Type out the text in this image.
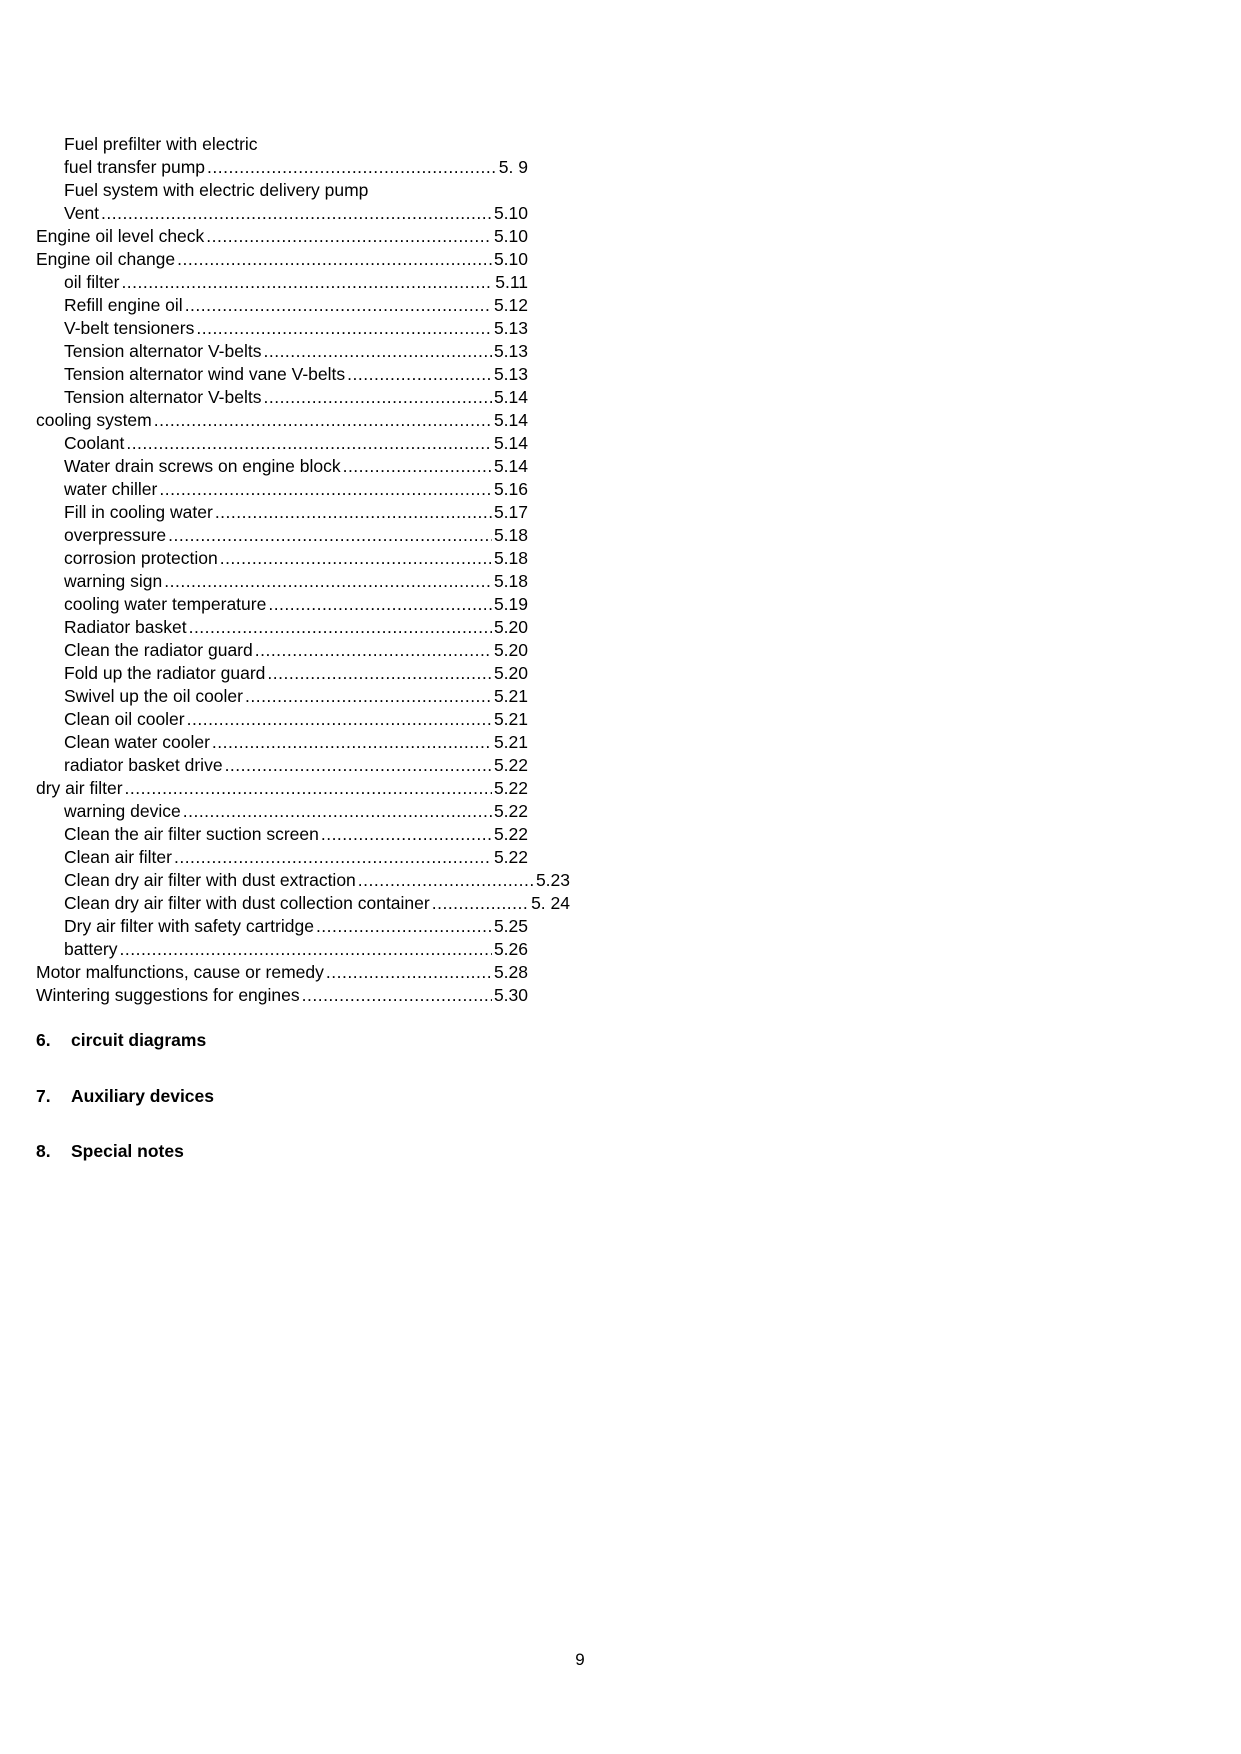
Fuel prefilter with electric
fuel transfer pump .....	5. 9
Fuel system with electric delivery pump
Vent .....	5.10
Engine oil level check .....	5.10
Engine oil change .....	5.10
oil filter .....	5.11
Refill engine oil .....	5.12
V-belt tensioners .....	5.13
Tension alternator V-belts .....	5.13
Tension alternator wind vane V-belts .....	5.13
Tension alternator V-belts .....	5.14
cooling system .....	5.14
Coolant .....	5.14
Water drain screws on engine block .....	5.14
water chiller .....	5.16
Fill in cooling water .....	5.17
overpressure .....	5.18
corrosion protection .....	5.18
warning sign .....	5.18
cooling water temperature .....	5.19
Radiator basket .....	5.20
Clean the radiator guard .....	5.20
Fold up the radiator guard .....	5.20
Swivel up the oil cooler .....	5.21
Clean oil cooler .....	5.21
Clean water cooler .....	5.21
radiator basket drive .....	5.22
dry air filter .....	5.22
warning device .....	5.22
Clean the air filter suction screen .....	5.22
Clean air filter .....	5.22
Clean dry air filter with dust extraction .....	5.23
Clean dry air filter with dust collection container .....	5. 24
Dry air filter with safety cartridge .....	5.25
battery .....	5.26
Motor malfunctions, cause or remedy .....	5.28
Wintering suggestions for engines .....	5.30
6. circuit diagrams
7. Auxiliary devices
8. Special notes
9
